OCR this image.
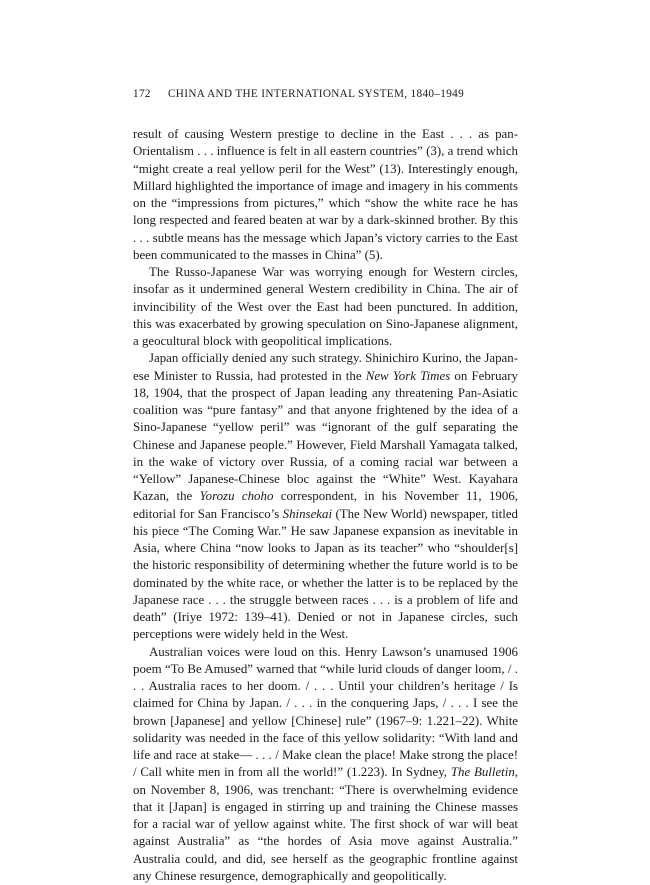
172 CHINA AND THE INTERNATIONAL SYSTEM, 1840–1949

result of causing Western prestige to decline in the East . . . as pan-Orientalism . . . influence is felt in all eastern countries” (3), a trend which “might create a real yellow peril for the West” (13). Interestingly enough, Millard highlighted the importance of image and imagery in his comments on the “impressions from pictures,” which “show the white race he has long respected and feared beaten at war by a dark-skinned brother. By this . . . subtle means has the message which Japan’s victory carries to the East been communicated to the masses in China” (5).

The Russo-Japanese War was worrying enough for Western circles, insofar as it undermined general Western credibility in China. The air of invincibility of the West over the East had been punctured. In addition, this was exacerbated by growing speculation on Sino-Japanese alignment, a geocultural block with geopolitical implications.

Japan officially denied any such strategy. Shinichiro Kurino, the Japanese Minister to Russia, had protested in the New York Times on February 18, 1904, that the prospect of Japan leading any threatening Pan-Asiatic coalition was “pure fantasy” and that anyone frightened by the idea of a Sino-Japanese “yellow peril” was “ignorant of the gulf separating the Chinese and Japanese people.” However, Field Marshall Yamagata talked, in the wake of victory over Russia, of a coming racial war between a “Yellow” Japanese-Chinese bloc against the “White” West. Kayahara Kazan, the Yorozu choho correspondent, in his November 11, 1906, editorial for San Francisco’s Shinsekai (The New World) newspaper, titled his piece “The Coming War.” He saw Japanese expansion as inevitable in Asia, where China “now looks to Japan as its teacher” who “shoulder[s] the historic responsibility of determining whether the future world is to be dominated by the white race, or whether the latter is to be replaced by the Japanese race . . . the struggle between races . . . is a problem of life and death” (Iriye 1972: 139–41). Denied or not in Japanese circles, such perceptions were widely held in the West.

Australian voices were loud on this. Henry Lawson’s unamused 1906 poem “To Be Amused” warned that “while lurid clouds of danger loom, / . . . Australia races to her doom. / . . . Until your children’s heritage / Is claimed for China by Japan. / . . . in the conquering Japs, / . . . I see the brown [Japanese] and yellow [Chinese] rule” (1967–9: 1.221–22). White solidarity was needed in the face of this yellow solidarity: “With land and life and race at stake— . . . / Make clean the place! Make strong the place! / Call white men in from all the world!” (1.223). In Sydney, The Bulletin, on November 8, 1906, was trenchant: “There is overwhelming evidence that it [Japan] is engaged in stirring up and training the Chinese masses for a racial war of yellow against white. The first shock of war will beat against Australia” as “the hordes of Asia move against Australia.” Australia could, and did, see herself as the geographic frontline against any Chinese resurgence, demographically and geopolitically.
